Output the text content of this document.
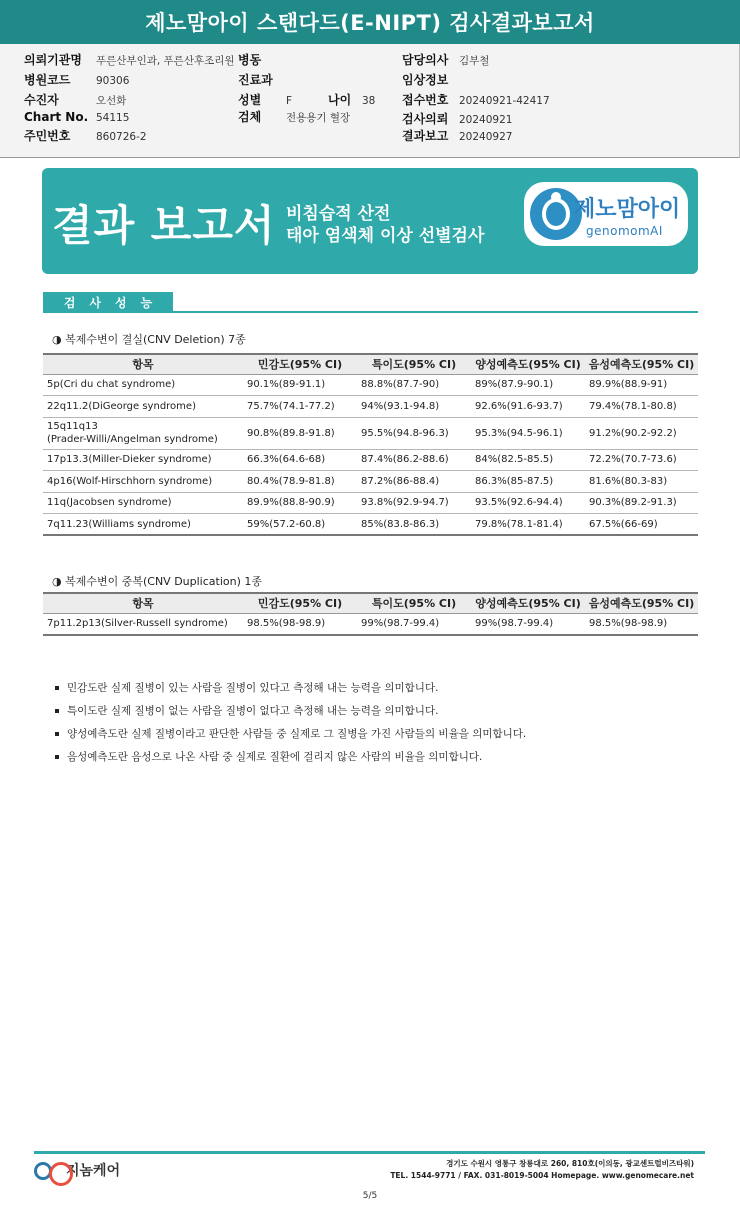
제노맘아이 스탠다드(E-NIPT) 검사결과보고서
의뢰기관명 푸른산부인과, 푸른산후조리원 병동	담당의사 김부철
병원코드 90306	진료과	임상정보
수진자	오선화	성별 F	나이 38 접수번호 20240921-42417
Chart No. 54115	검체 전용용기 혈장	검사의뢰 20240921
주민번호 860726-2	결과보고 20240927
결과 보고서 비침습적 산전
태아 염색체 이상 선별검사
제노맘아이
genomomAI
검사성능
◑ 복제수변이 결실(CNV Deletion) 7종
항목	민감도(95% CI)	특이도(95% CI)	양성예측도(95% CI)	음성예측도(95% CI)
5p(Cri du chat syndrome)	90.1%(89-91.1)	88.8%(87.7-90)	89%(87.9-90.1)	89.9%(88.9-91)
22q11.2(DiGeorge syndrome)	75.7%(74.1-77.2)	94%(93.1-94.8)	92.6%(91.6-93.7)	79.4%(78.1-80.8)

15q11q13
(Prader-Willi/Angelman syndrome)	90.8%(89.8-91.8)	95.5%(94.8-96.3)	95.3%(94.5-96.1)	91.2%(90.2-92.2)
17p13.3(Miller-Dieker syndrome)	66.3%(64.6-68)	87.4%(86.2-88.6)	84%(82.5-85.5)	72.2%(70.7-73.6)
4p16(Wolf-Hirschhorn syndrome)	80.4%(78.9-81.8)	87.2%(86-88.4)	86.3%(85-87.5)	81.6%(80.3-83)
11q(Jacobsen syndrome)	89.9%(88.8-90.9)	93.8%(92.9-94.7)	93.5%(92.6-94.4)	90.3%(89.2-91.3)
7q11.23(Williams syndrome)	59%(57.2-60.8)	85%(83.8-86.3)	79.8%(78.1-81.4)	67.5%(66-69)
◑ 복제수변이 중복(CNV Duplication) 1종
항목	민감도(95% CI)	특이도(95% CI)	양성예측도(95% CI)	음성예측도(95% CI)
7p11.2p13(Silver-Russell syndrome)	98.5%(98-98.9)	99%(98.7-99.4)	99%(98.7-99.4)	98.5%(98-98.9)
민감도란 실제 질병이 있는 사람을 질병이 있다고 측정해 내는 능력을 의미합니다.
특이도란 실제 질병이 없는 사람을 질병이 없다고 측정해 내는 능력을 의미합니다.
양성예측도란 실제 질병이라고 판단한 사람들 중 실제로 그 질병을 가진 사람들의 비율을 의미합니다.
음성예측도란 음성으로 나온 사람 중 실제로 질환에 걸리지 않은 사람의 비율을 의미합니다.
지놈케어	경기도 수원시 영통구 창룡대로 260, 810호(이의동, 광교센트럴비즈타워)
TEL. 1544-9771 / FAX. 031-8019-5004 Homepage. www.genomecare.net
5/5
